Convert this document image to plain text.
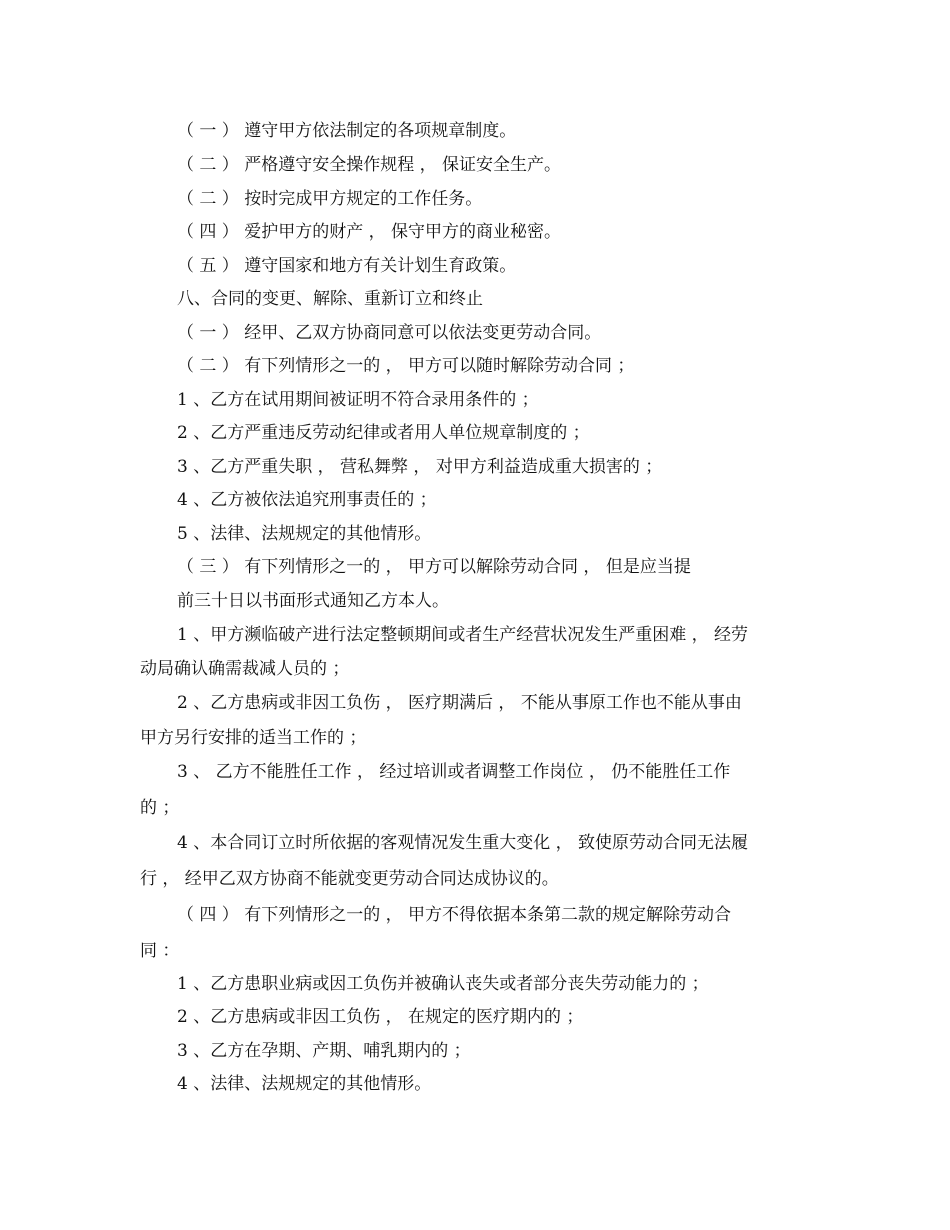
（ 一 ） 遵守甲方依法制定的各项规章制度。
（ 二 ） 严格遵守安全操作规程 ， 保证安全生产。
（ 二 ） 按时完成甲方规定的工作任务。
（ 四 ） 爱护甲方的财产 ， 保守甲方的商业秘密。
（ 五 ） 遵守国家和地方有关计划生育政策。
八、合同的变更、解除、重新订立和终止
（ 一 ） 经甲、乙双方协商同意可以依法变更劳动合同。
（ 二 ） 有下列情形之一的 ， 甲方可以随时解除劳动合同 ；
1 、乙方在试用期间被证明不符合录用条件的 ；
2 、乙方严重违反劳动纪律或者用人单位规章制度的 ；
3 、乙方严重失职 ， 营私舞弊 ， 对甲方利益造成重大损害的 ；
4 、乙方被依法追究刑事责任的 ；
5 、法律、法规规定的其他情形。
（ 三 ） 有下列情形之一的 ， 甲方可以解除劳动合同 ， 但是应当提
前三十日以书面形式通知乙方本人。
1 、甲方濒临破产进行法定整顿期间或者生产经营状况发生严重困难 ， 经劳
动局确认确需裁减人员的 ；
2 、乙方患病或非因工负伤 ， 医疗期满后 ， 不能从事原工作也不能从事由
甲方另行安排的适当工作的 ；
3 、 乙方不能胜任工作 ， 经过培训或者调整工作岗位 ， 仍不能胜任工作
的 ；
4 、本合同订立时所依据的客观情况发生重大变化 ， 致使原劳动合同无法履
行 ， 经甲乙双方协商不能就变更劳动合同达成协议的。
（ 四 ） 有下列情形之一的 ， 甲方不得依据本条第二款的规定解除劳动合
同 ：
1 、乙方患职业病或因工负伤并被确认丧失或者部分丧失劳动能力的 ；
2 、乙方患病或非因工负伤 ， 在规定的医疗期内的 ；
3 、乙方在孕期、产期、哺乳期内的 ；
4 、法律、法规规定的其他情形。
